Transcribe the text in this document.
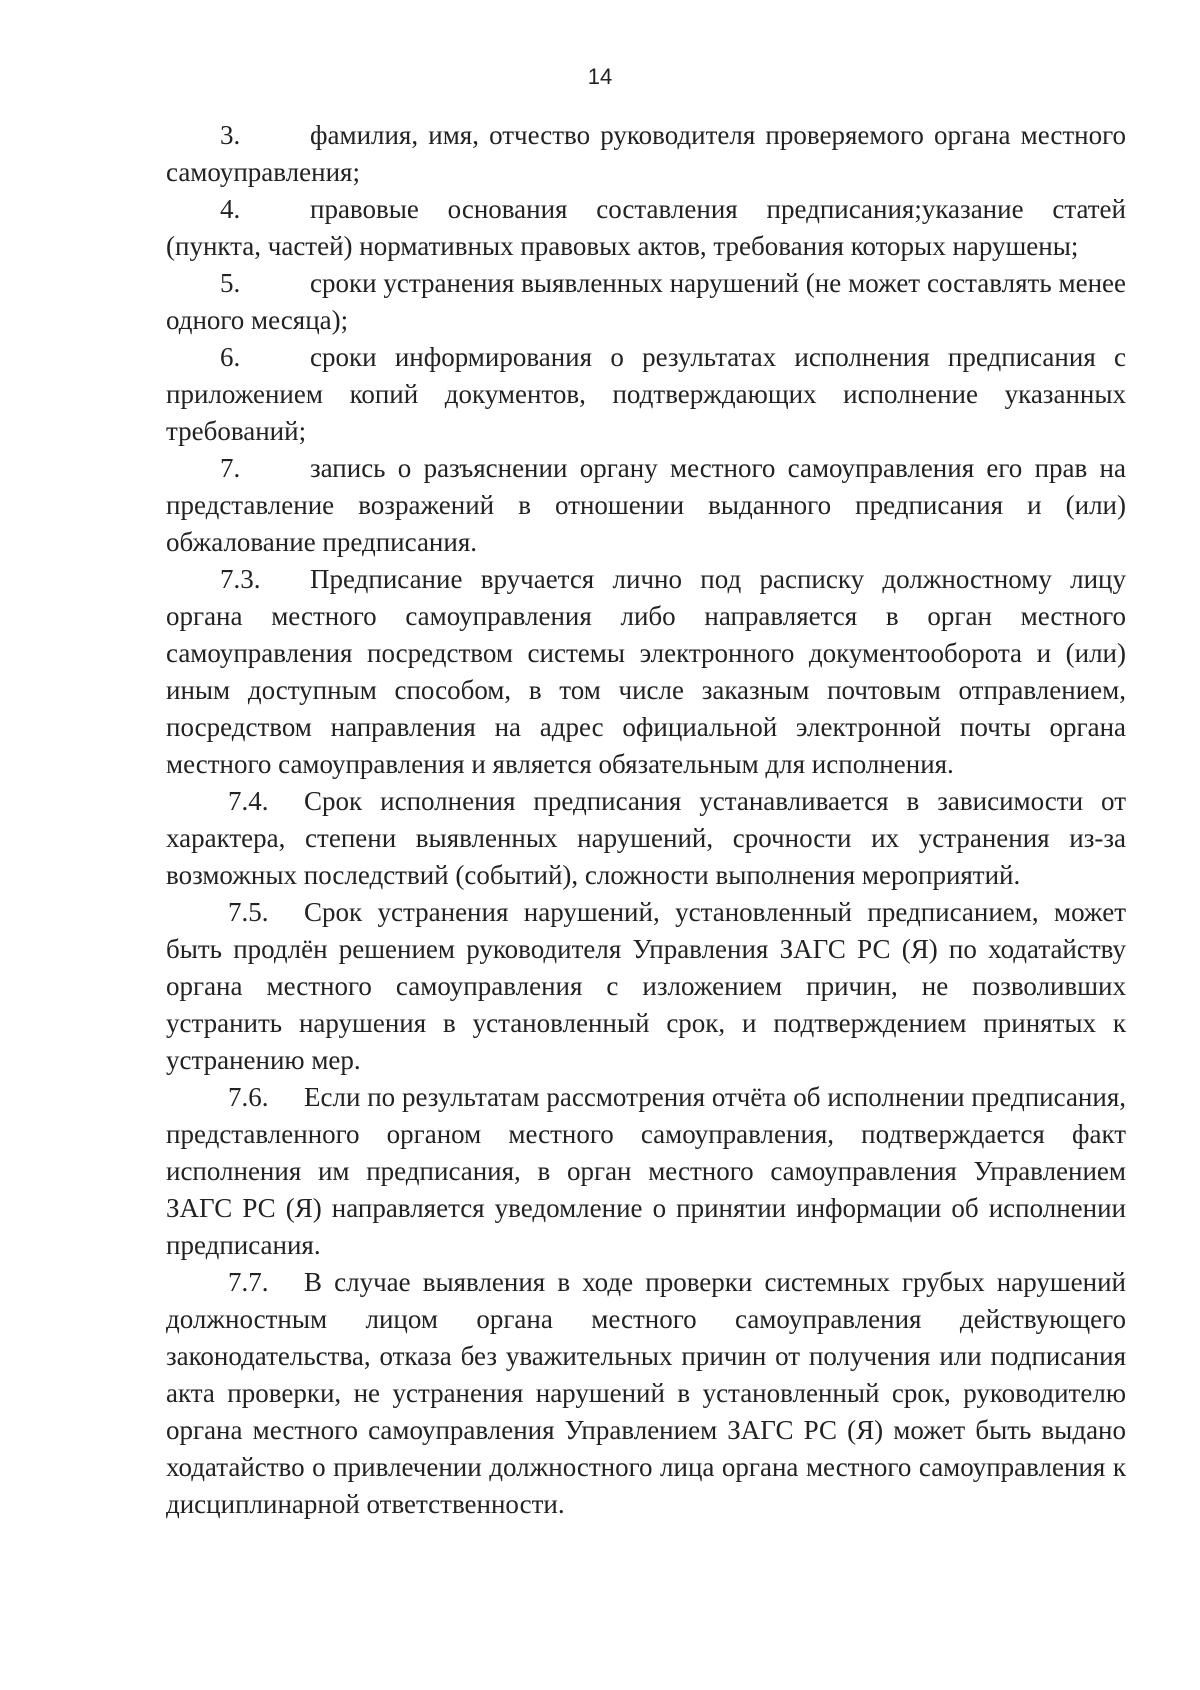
14

3.	фамилия, имя, отчество руководителя проверяемого органа местного самоуправления;

4.	правовые основания составления предписания;указание статей (пункта, частей) нормативных правовых актов, требования которых нарушены;

5.	сроки устранения выявленных нарушений (не может составлять менее одного месяца);

6.	сроки информирования о результатах исполнения предписания с приложением копий документов, подтверждающих исполнение указанных требований;

7.	запись о разъяснении органу местного самоуправления его прав на представление возражений в отношении выданного предписания и (или) обжалование предписания.

7.3. Предписание вручается лично под расписку должностному лицу органа местного самоуправления либо направляется в орган местного самоуправления посредством системы электронного документооборота и (или) иным доступным способом, в том числе заказным почтовым отправлением, посредством направления на адрес официальной электронной почты органа местного самоуправления и является обязательным для исполнения.

7.4. Срок исполнения предписания устанавливается в зависимости от характера, степени выявленных нарушений, срочности их устранения из-за возможных последствий (событий), сложности выполнения мероприятий.

7.5. Срок устранения нарушений, установленный предписанием, может быть продлён решением руководителя Управления ЗАГС РС (Я) по ходатайству органа местного самоуправления с изложением причин, не позволивших устранить нарушения в установленный срок, и подтверждением принятых к устранению мер.

7.6. Если по результатам рассмотрения отчёта об исполнении предписания, представленного органом местного самоуправления, подтверждается факт исполнения им предписания, в орган местного самоуправления Управлением ЗАГС РС (Я) направляется уведомление о принятии информации об исполнении предписания.

7.7. В случае выявления в ходе проверки системных грубых нарушений должностным лицом органа местного самоуправления действующего законодательства, отказа без уважительных причин от получения или подписания акта проверки, не устранения нарушений в установленный срок, руководителю органа местного самоуправления Управлением ЗАГС РС (Я) может быть выдано ходатайство о привлечении должностного лица органа местного самоуправления к дисциплинарной ответственности.
